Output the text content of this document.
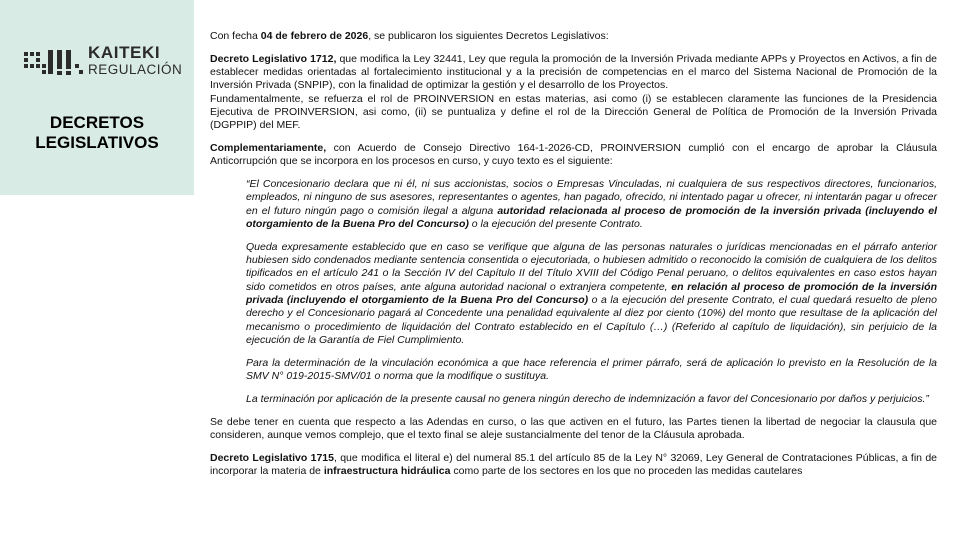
KAITEKI
REGULACIÓN
DECRETOS
LEGISLATIVOS

Con fecha 04 de febrero de 2026, se publicaron los siguientes Decretos Legislativos:

Decreto Legislativo 1712, que modifica la Ley 32441, Ley que regula la promoción de la Inversión Privada mediante APPs y Proyectos en Activos, a fin de establecer medidas orientadas al fortalecimiento institucional y a la precisión de competencias en el marco del Sistema Nacional de Promoción de la Inversión Privada (SNPIP), con la finalidad de optimizar la gestión y el desarrollo de los Proyectos.

Fundamentalmente, se refuerza el rol de PROINVERSION en estas materias, asi como (i) se establecen claramente las funciones de la Presidencia Ejecutiva de PROINVERSION, asi como, (ii) se puntualiza y define el rol de la Dirección General de Política de Promoción de la Inversión Privada (DGPPIP) del MEF.

Complementariamente, con Acuerdo de Consejo Directivo 164-1-2026-CD, PROINVERSION cumplió con el encargo de aprobar la Cláusula Anticorrupción que se incorpora en los procesos en curso, y cuyo texto es el siguiente:

“El Concesionario declara que ni él, ni sus accionistas, socios o Empresas Vinculadas, ni cualquiera de sus respectivos directores, funcionarios, empleados, ni ninguno de sus asesores, representantes o agentes, han pagado, ofrecido, ni intentado pagar u ofrecer, ni intentarán pagar u ofrecer en el futuro ningún pago o comisión ilegal a alguna autoridad relacionada al proceso de promoción de la inversión privada (incluyendo el otorgamiento de la Buena Pro del Concurso) o la ejecución del presente Contrato.

Queda expresamente establecido que en caso se verifique que alguna de las personas naturales o jurídicas mencionadas en el párrafo anterior hubiesen sido condenados mediante sentencia consentida o ejecutoriada, o hubiesen admitido o reconocido la comisión de cualquiera de los delitos tipificados en el artículo 241 o la Sección IV del Capítulo II del Título XVIII del Código Penal peruano, o delitos equivalentes en caso estos hayan sido cometidos en otros países, ante alguna autoridad nacional o extranjera competente, en relación al proceso de promoción de la inversión privada (incluyendo el otorgamiento de la Buena Pro del Concurso) o a la ejecución del presente Contrato, el cual quedará resuelto de pleno derecho y el Concesionario pagará al Concedente una penalidad equivalente al diez por ciento (10%) del monto que resultase de la aplicación del mecanismo o procedimiento de liquidación del Contrato establecido en el Capítulo (…) (Referido al capítulo de liquidación), sin perjuicio de la ejecución de la Garantía de Fiel Cumplimiento.

Para la determinación de la vinculación económica a que hace referencia el primer párrafo, será de aplicación lo previsto en la Resolución de la SMV N° 019-2015-SMV/01 o norma que la modifique o sustituya.

La terminación por aplicación de la presente causal no genera ningún derecho de indemnización a favor del Concesionario por daños y perjuicios.”

Se debe tener en cuenta que respecto a las Adendas en curso, o las que activen en el futuro, las Partes tienen la libertad de negociar la clausula que consideren, aunque vemos complejo, que el texto final se aleje sustancialmente del tenor de la Cláusula aprobada.

Decreto Legislativo 1715, que modifica el literal e) del numeral 85.1 del artículo 85 de la Ley N° 32069, Ley General de Contrataciones Públicas, a fin de incorporar la materia de infraestructura hidráulica como parte de los sectores en los que no proceden las medidas cautelares
